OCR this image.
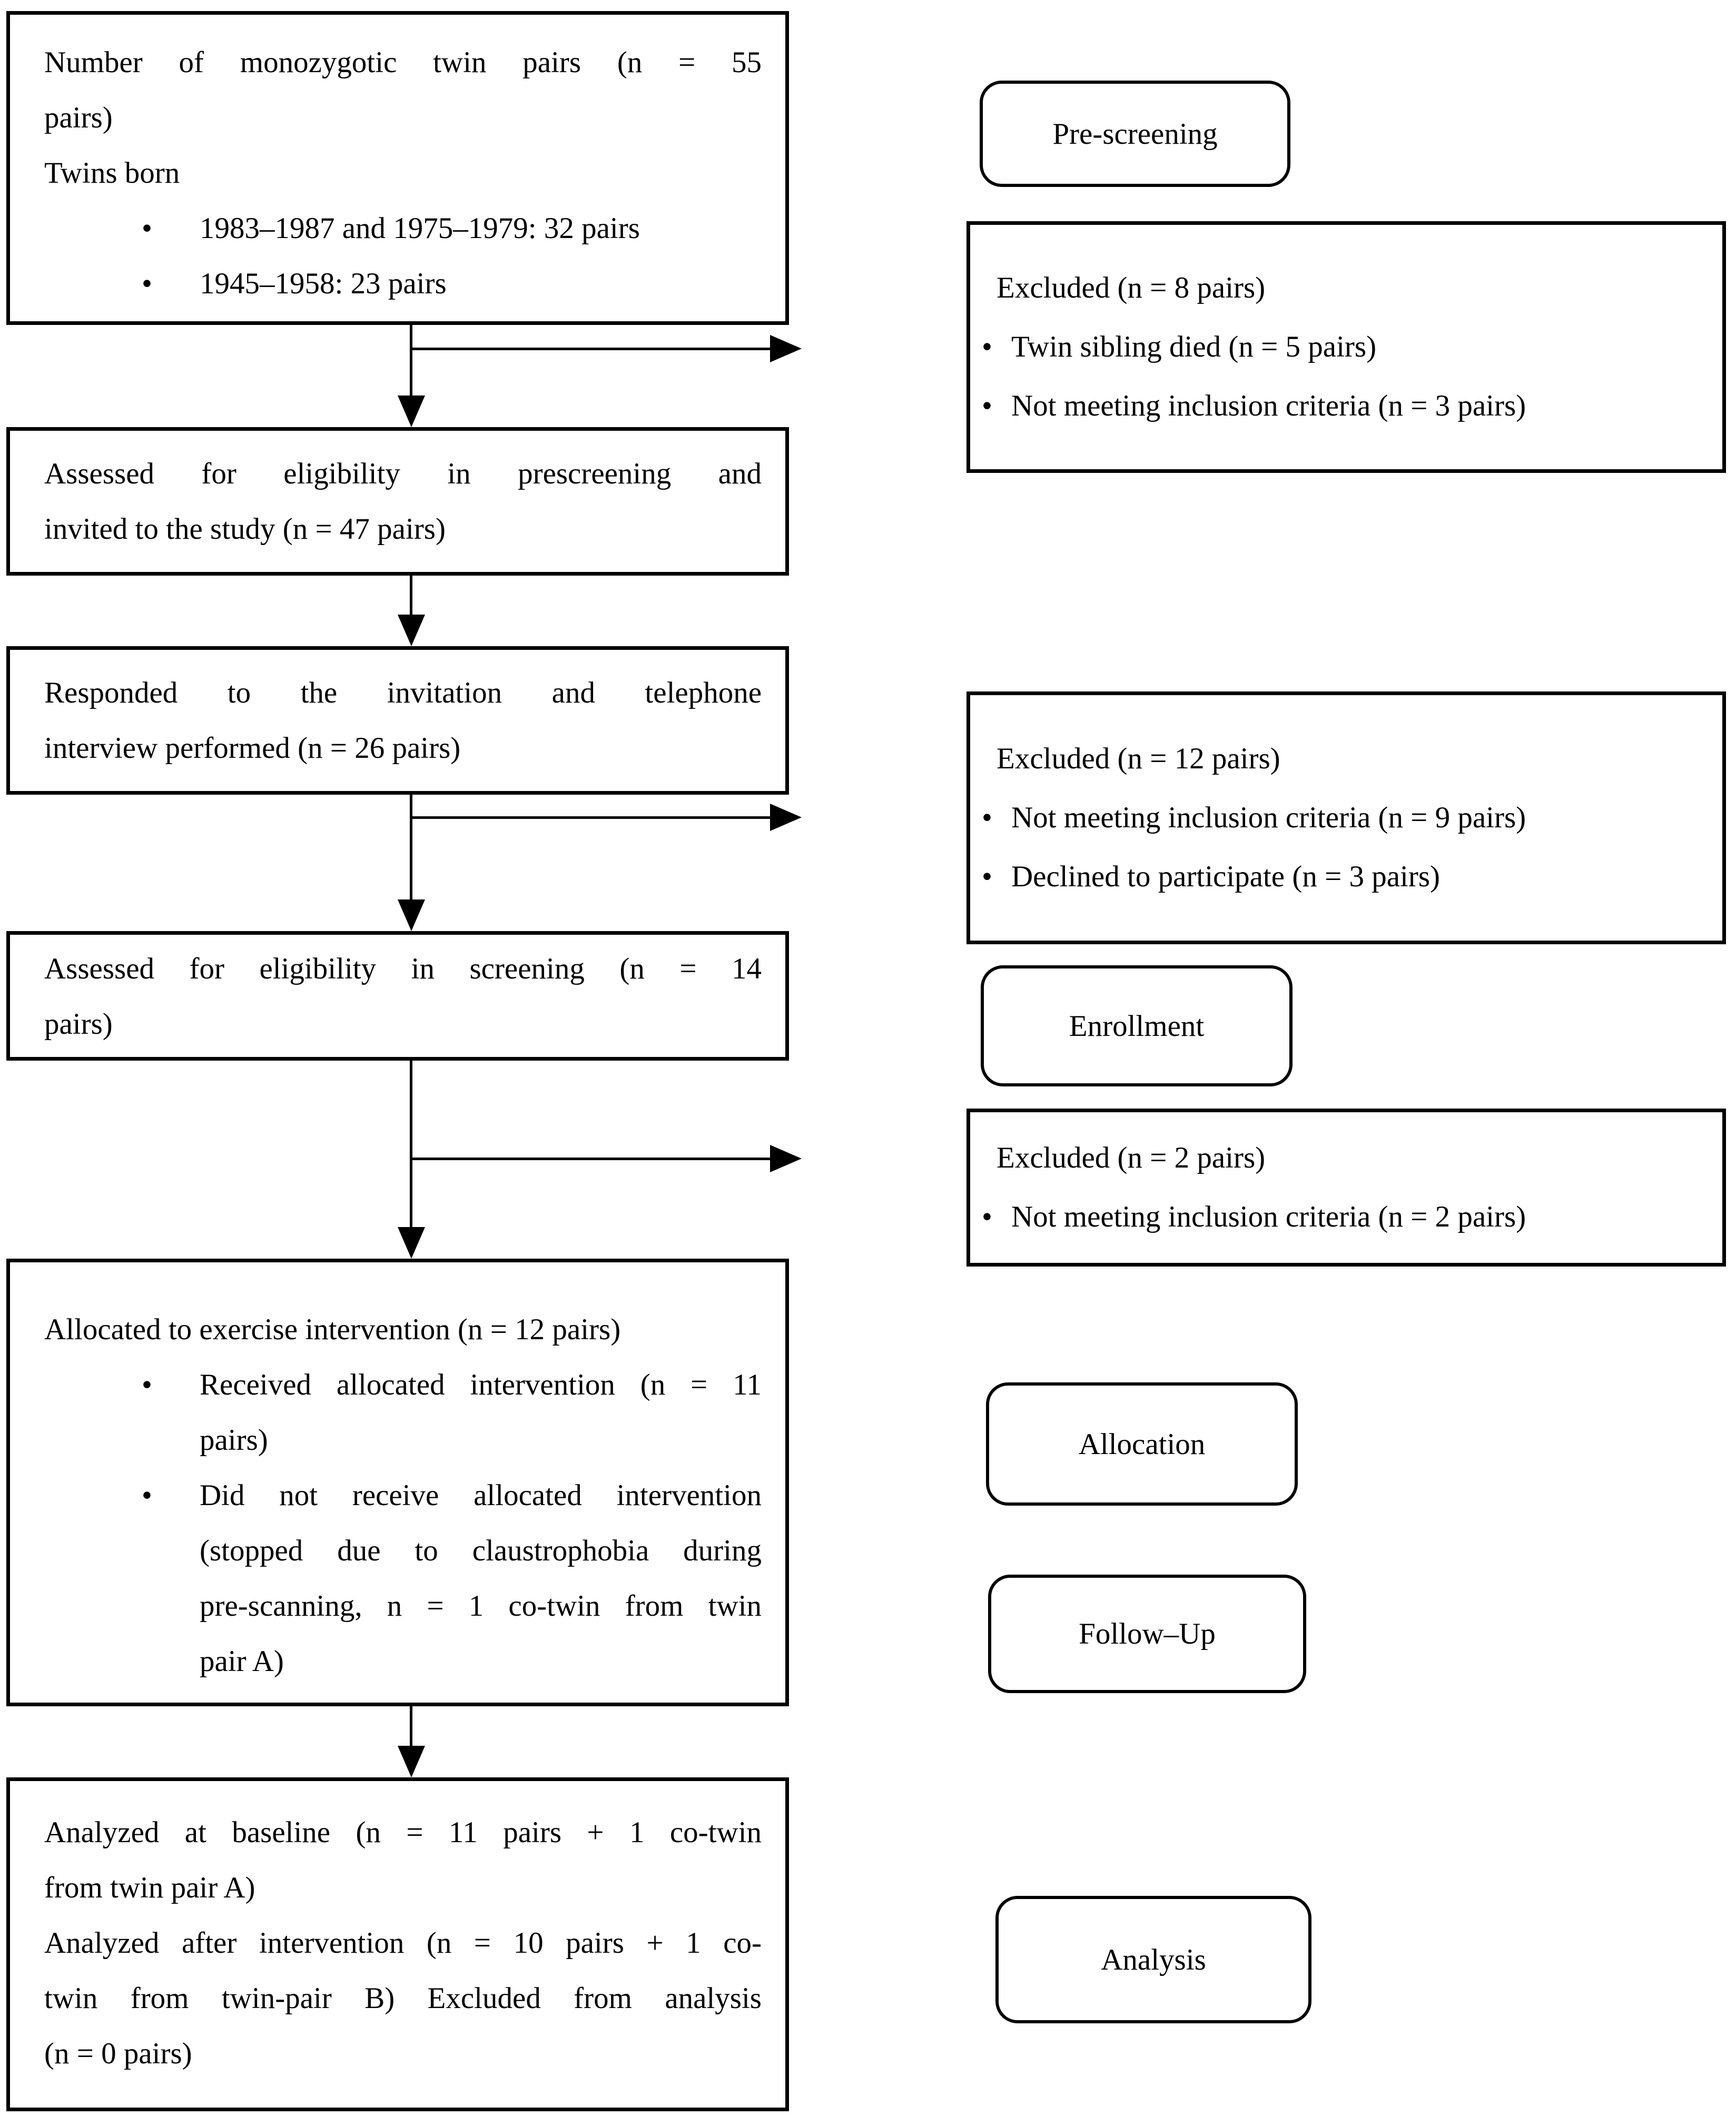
Number of monozygotic twin pairs (n = 55
pairs)
Twins born
• 1983–1987 and 1975–1979: 32 pairs
• 1945–1958: 23 pairs
Assessed for eligibility in prescreening and
invited to the study (n = 47 pairs)
Responded to the invitation and telephone
interview performed (n = 26 pairs)
Assessed for eligibility in screening (n = 14
pairs)
Allocated to exercise intervention (n = 12 pairs)
• Received allocated intervention (n = 11
pairs)
• Did not receive allocated intervention
(stopped due to claustrophobia during
pre-scanning, n = 1 co-twin from twin
pair A)
Analyzed at baseline (n = 11 pairs + 1 co-twin
from twin pair A)
Analyzed after intervention (n = 10 pairs + 1 co-
twin from twin-pair B) Excluded from analysis
(n = 0 pairs)
Pre-screening
Enrollment
Allocation
Follow–Up
Analysis
Excluded (n = 8 pairs)
• Twin sibling died (n = 5 pairs)
• Not meeting inclusion criteria (n = 3 pairs)
Excluded (n = 12 pairs)
• Not meeting inclusion criteria (n = 9 pairs)
• Declined to participate (n = 3 pairs)
Excluded (n = 2 pairs)
• Not meeting inclusion criteria (n = 2 pairs)
